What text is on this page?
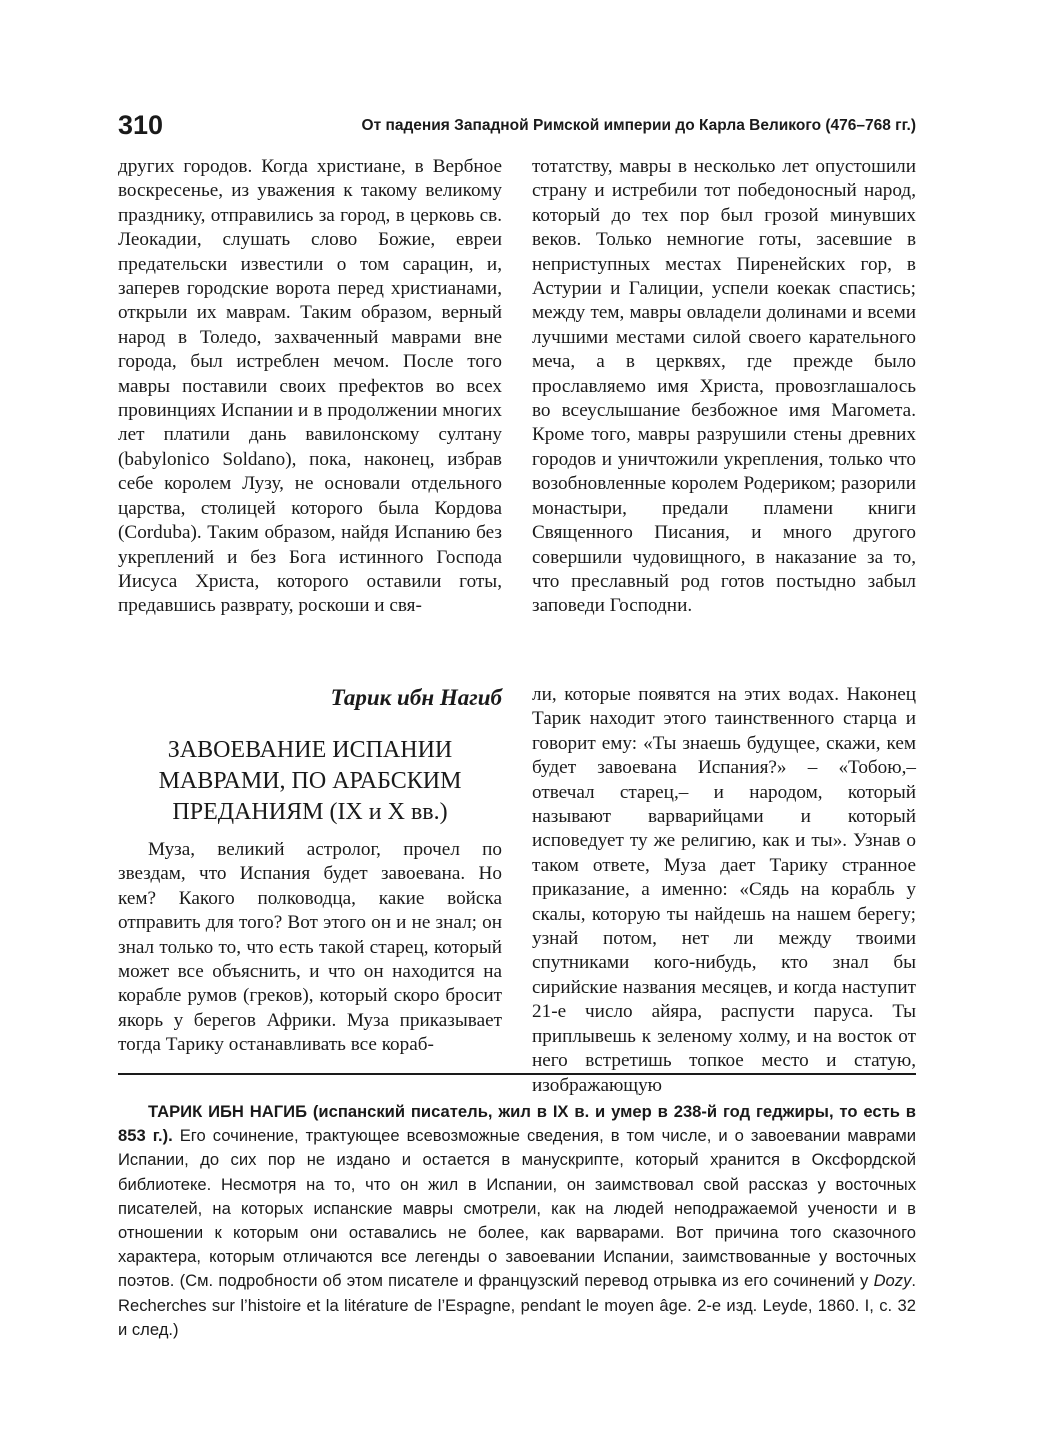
310	От падения Западной Римской империи до Карла Великого (476–768 гг.)

других городов. Когда христиане, в Вербное воскресенье, из уважения к такому великому празднику, отправились за город, в церковь св. Леокадии, слушать слово Божие, евреи предательски известили о том сарацин, и, заперев городские ворота перед христианами, открыли их маврам. Таким образом, верный народ в Толедо, захваченный маврами вне города, был истреблен мечом. После того мавры поставили своих префектов во всех провинциях Испании и в продолжении многих лет платили дань вавилонскому султану (babylonico Soldano), пока, наконец, избрав себе королем Лузу, не основали отдельного царства, столицей которого была Кордова (Corduba). Таким образом, найдя Испанию без укреплений и без Бога истинного Господа Иисуса Христа, которого оставили готы, предавшись разврату, роскоши и свя-

тотатству, мавры в несколько лет опустошили страну и истребили тот победоносный народ, который до тех пор был грозой минувших веков. Только немногие готы, засевшие в неприступных местах Пиренейских гор, в Астурии и Галиции, успели коекак спастись; между тем, мавры овладели долинами и всеми лучшими местами силой своего карательного меча, а в церквях, где прежде было прославляемо имя Христа, провозглашалось во всеуслышание безбожное имя Магомета. Кроме того, мавры разрушили стены древних городов и уничтожили укрепления, только что возобновленные королем Родериком; разорили монастыри, предали пламени книги Священного Писания, и много другого совершили чудовищного, в наказание за то, что преславный род готов постыдно забыл заповеди Господни.

Тарик ибн Нагиб
ЗАВОЕВАНИЕ ИСПАНИИ МАВРАМИ, ПО АРАБСКИМ ПРЕДАНИЯМ (IX и X вв.)

Муза, великий астролог, прочел по звездам, что Испания будет завоевана. Но кем? Какого полководца, какие войска отправить для того? Вот этого он и не знал; он знал только то, что есть такой старец, который может все объяснить, и что он находится на корабле румов (греков), который скоро бросит якорь у берегов Африки. Муза приказывает тогда Тарику останавливать все кораб-

ли, которые появятся на этих водах. Наконец Тарик находит этого таинственного старца и говорит ему: «Ты знаешь будущее, скажи, кем будет завоевана Испания?» – «Тобою,– отвечал старец,– и народом, который называют варварийцами и который исповедует ту же религию, как и ты». Узнав о таком ответе, Муза дает Тарику странное приказание, а именно: «Сядь на корабль у скалы, которую ты найдешь на нашем берегу; узнай потом, нет ли между твоими спутниками кого-нибудь, кто знал бы сирийские названия месяцев, и когда наступит 21-е число айяра, распусти паруса. Ты приплывешь к зеленому холму, и на восток от него встретишь топкое место и статую, изображающую

ТАРИК ИБН НАГИБ (испанский писатель, жил в IX в. и умер в 238-й год геджиры, то есть в 853 г.). Его сочинение, трактующее всевозможные сведения, в том числе, и о завоевании маврами Испании, до сих пор не издано и остается в манускрипте, который хранится в Оксфордской библиотеке. Несмотря на то, что он жил в Испании, он заимствовал свой рассказ у восточных писателей, на которых испанские мавры смотрели, как на людей неподражаемой учености и в отношении к которым они оставались не более, как варварами. Вот причина того сказочного характера, которым отличаются все легенды о завоевании Испании, заимствованные у восточных поэтов. (См. подробности об этом писателе и французский перевод отрывка из его сочинений у Dozy. Recherches sur l’histoire et la litérature de l’Espagne, pendant le moyen âge. 2-е изд. Leyde, 1860. I, с. 32 и след.)
